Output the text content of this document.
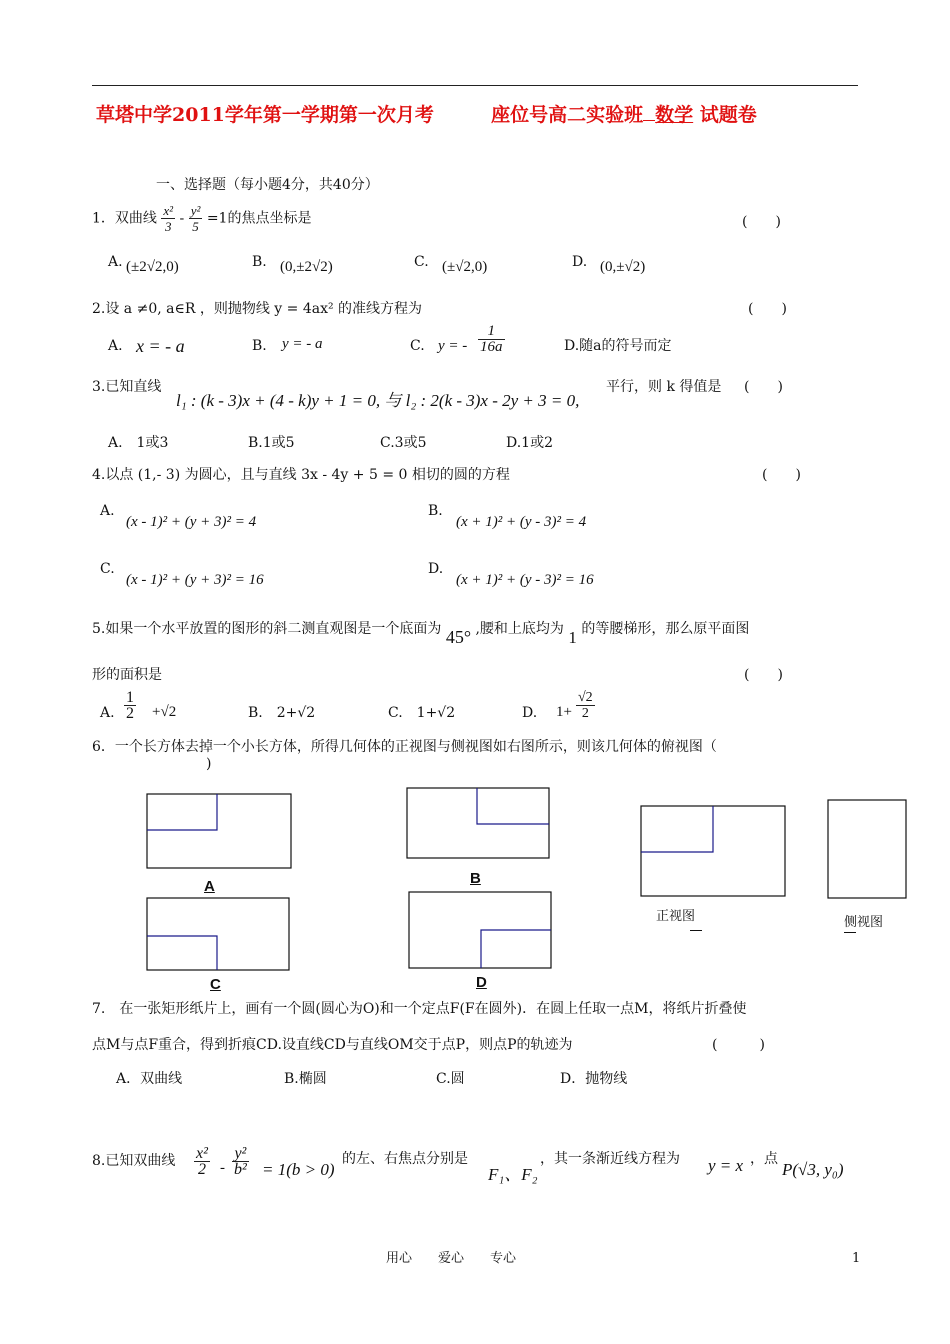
草塔中学2011学年第一学期第一次月考	座位号高二实验班 数学 试题卷
一、选择题（每小题4分，共40分）
1．双曲线 $\frac{\text{x²}}{3} - \frac{\text{y²}}{5} =1$的焦点坐标是	(　　)
A. (±2√2,0)	B. (0,±2√2)	C. (±√2,0)	D. (0,±√2)
2.设 a ≠0, a∈R ，则抛物线 y = 4ax² 的准线方程为	(　　)
A. x = - a	B. y = - a	C. y = - $\frac{1}{16a}$	D.随a的符号而定
3.已知直线
l₁ : (k - 3)x + (4 - k)y + 1 = 0, 与 l₂ : 2(k - 3)x - 2y + 3 = 0,
平行，则 k 得值是 (　　)
A.　1或3	B.1或5	C.3或5	D.1或2
4.以点 (1,- 3) 为圆心，且与直线 3x - 4y + 5 = 0 相切的圆的方程	(　　)
A.
(x - 1)² + (y + 3)² = 4
B.
(x + 1)² + (y - 3)² = 4
C.
(x - 1)² + (y + 3)² = 16
D.
(x + 1)² + (y - 3)² = 16
5.如果一个水平放置的图形的斜二测直观图是一个底面为 45° ,腰和上底均为 1 的等腰梯形，那么原平面图
形的面积是	(　　)
A. $\frac{1}{2} +√2$	B.　2+√2	C.　1+√2	D. $1+ \frac{√2}{2}$
6．一个长方体去掉一个小长方体，所得几何体的正视图与侧视图如右图所示，则该几何体的俯视图（
)
A	B
C	D
正视图	侧视图
7.　在一张矩形纸片上，画有一个圆(圆心为O)和一个定点F(F在圆外)．在圆上任取一点M，将纸片折叠使
点M与点F重合，得到折痕CD.设直线CD与直线OM交于点P，则点P的轨迹为	(　　　)
A．双曲线	B.椭圆	C.圆	D．抛物线
8.已知双曲线 $\frac{\text{x²}}{2} - \frac{\text{y²}}{\text{b²}} = 1(b > 0)$
的左、右焦点分别是
F₁、F₂
，其一条渐近线方程为 y = x ，点
P(√3, y₀)
用心　　爱心　　专心	1
